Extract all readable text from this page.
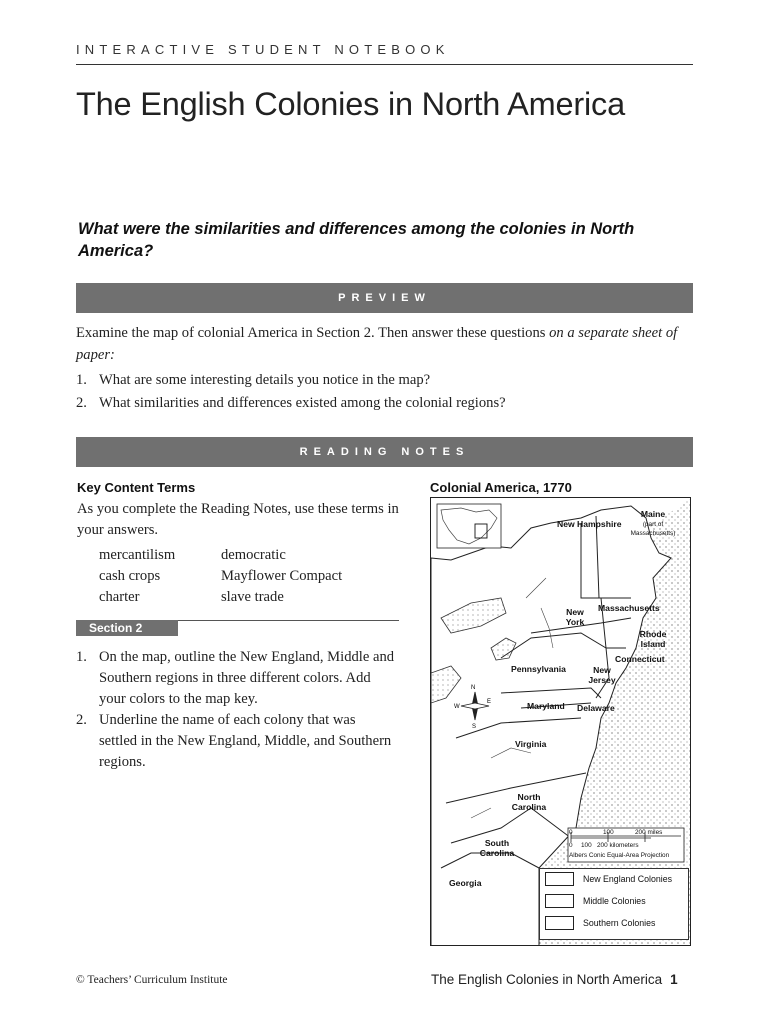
INTERACTIVE STUDENT NOTEBOOK
The English Colonies in North America
What were the similarities and differences among the colonies in North America?
PREVIEW
Examine the map of colonial America in Section 2. Then answer these questions on a separate sheet of paper:
1. What are some interesting details you notice in the map?
2. What similarities and differences existed among the colonial regions?
READING NOTES
Key Content Terms
As you complete the Reading Notes, use these terms in your answers.
mercantilism	democratic
cash crops	Mayflower Compact
charter	slave trade
Section 2
1. On the map, outline the New England, Middle and Southern regions in three different colors. Add your colors to the map key.
2. Underline the name of each colony that was settled in the New England, Middle, and Southern regions.
Colonial America, 1770
N
S
W
E
New Hampshire
Maine
(part of Massachusetts)
Massachusetts
New York
Rhode Island
Connecticut
Pennsylvania	New Jersey
Maryland Delaware
Virginia
North Carolina
South Carolina
Georgia
0	100	200 miles
0 100 200 kilometers
Albers Conic Equal-Area Projection
New England Colonies
Middle Colonies
Southern Colonies
© Teachers’ Curriculum Institute	The English Colonies in North America 1
